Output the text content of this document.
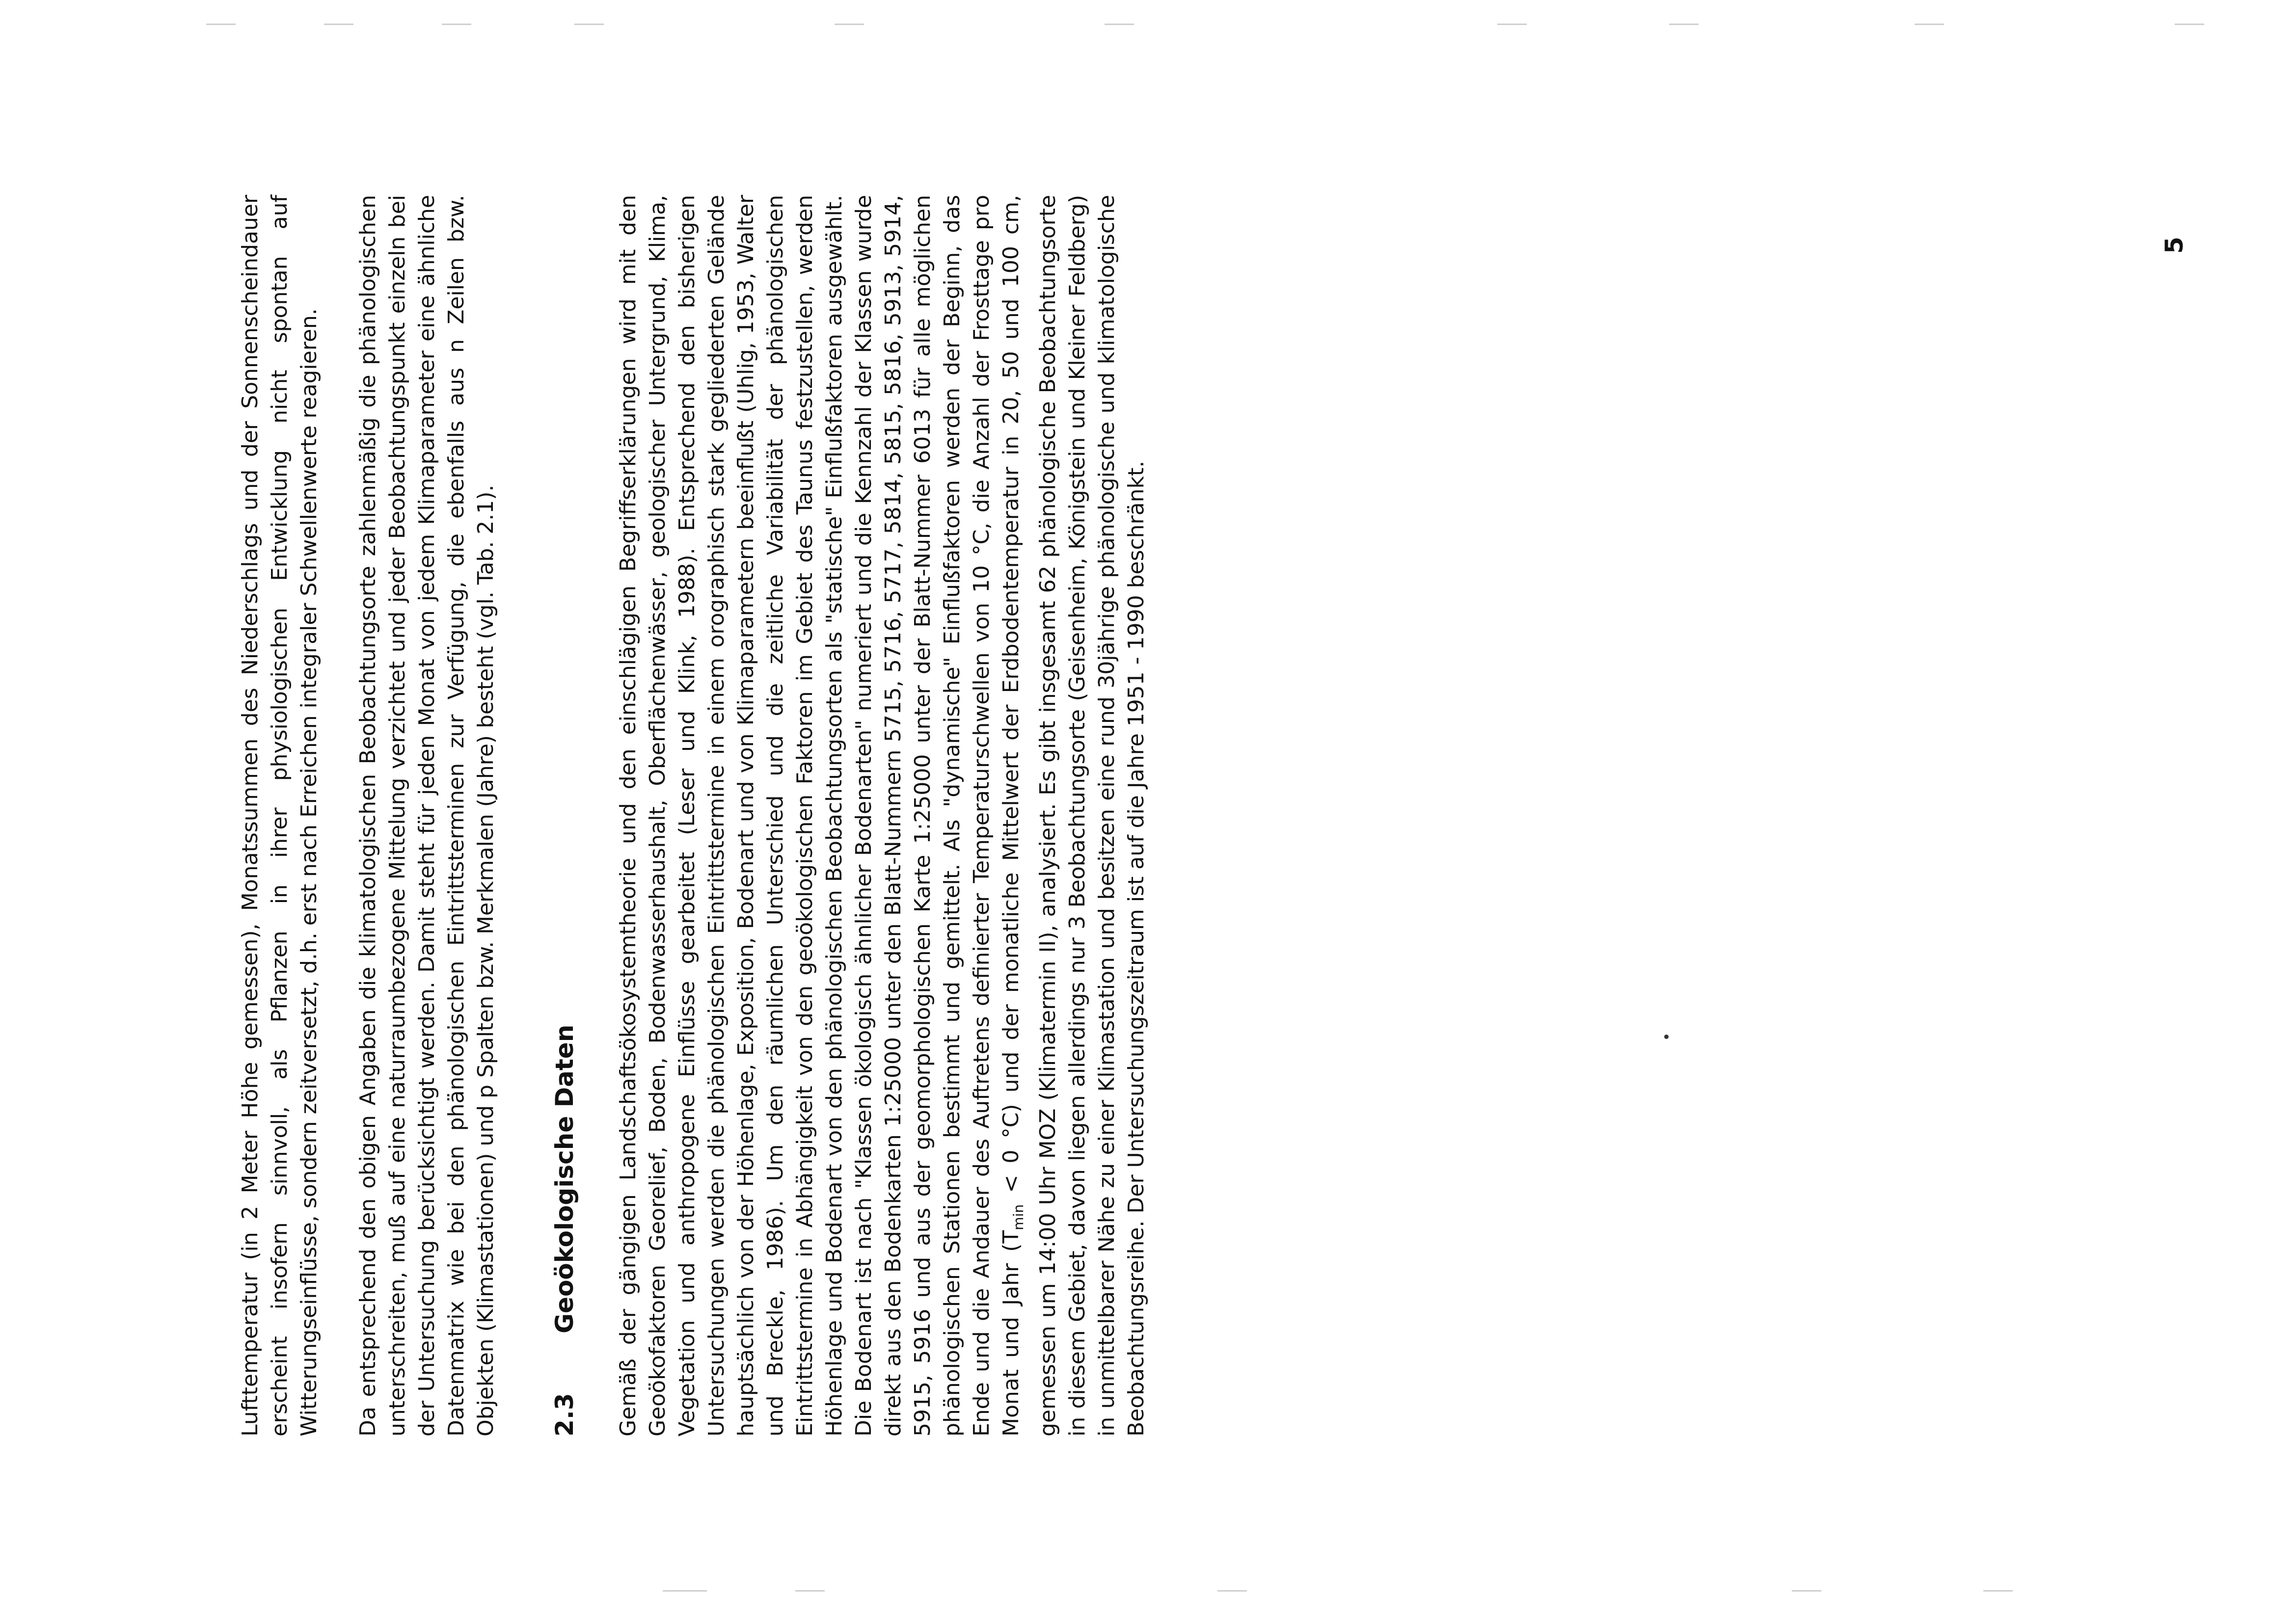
Lufttemperatur (in 2 Meter Höhe gemessen), Monatssummen des Niederschlags und der Sonnenscheindauer erscheint insofern sinnvoll, als Pflanzen in ihrer physiologischen Entwicklung nicht spontan auf Witterungseinflüsse, sondern zeitversetzt, d.h. erst nach Erreichen integraler Schwellenwerte reagieren. Da entsprechend den obigen Angaben die klimatologischen Beobachtungsorte zahlenmäßig die phänologischen unterschreiten, muß auf eine naturraumbezogene Mittelung verzichtet und jeder Beobachtungspunkt einzeln bei der Untersuchung berücksichtigt werden. Damit steht für jeden Monat von jedem Klimaparameter eine ähnliche Datenmatrix wie bei den phänologischen Eintrittsterminen zur Verfügung, die ebenfalls aus n Zeilen bzw. Objekten (Klimastationen) und p Spalten bzw. Merkmalen (Jahre) besteht (vgl. Tab. 2.1). 2.3
Geoökologische Daten Gemäß der gängigen Landschaftsökosystemtheorie und den einschlägigen Begriffserklärungen wird mit den Geoökofaktoren Georelief, Boden, Bodenwasserhaushalt, Oberflächenwässer, geologischer Untergrund, Klima, Vegetation und anthropogene Einflüsse gearbeitet (Leser und Klink, 1988). Entsprechend den bisherigen Untersuchungen werden die phänologischen Eintrittstermine in einem orographisch stark gegliederten Gelände hauptsächlich von der Höhenlage, Exposition, Bodenart und von Klimaparametern beeinflußt (Uhlig, 1953, Walter und Breckle, 1986). Um den räumlichen Unterschied und die zeitliche Variabilität der phänologischen Eintrittstermine in Abhängigkeit von den geoökologischen Faktoren im Gebiet des Taunus festzustellen, werden Höhenlage und Bodenart von den phänologischen Beobachtungsorten als "statische" Einflußfaktoren ausgewählt. Die Bodenart ist nach "Klassen ökologisch ähnlicher Bodenarten" numeriert und die Kennzahl der Klassen wurde direkt aus den Bodenkarten 1:25000 unter den Blatt-Nummern 5715, 5716, 5717, 5814, 5815, 5816, 5913, 5914, 5915, 5916 und aus der geomorphologischen Karte 1:25000 unter der Blatt-Nummer 6013 für alle möglichen phänologischen Stationen bestimmt und gemittelt. Als "dynamische" Einflußfaktoren werden der Beginn, das Ende und die Andauer des Auftretens definierter Temperaturschwellen von 10 °C, die Anzahl der Frosttage pro Monat und Jahr ($T_{min} < 0$ °C) und der monatliche Mittelwert der Erdbodentemperatur in 20, 50 und 100 cm, gemessen um 14:00 Uhr MOZ (Klimatermin II), analysiert. Es gibt insgesamt 62 phänologische Beobachtungsorte in diesem Gebiet, davon liegen allerdings nur 3 Beobachtungsorte (Geisenheim, Königstein und Kleiner Feldberg) in unmittelbarer Nähe zu einer Klimastation und besitzen eine rund 30jährige phänologische und klimatologische Beobachtungsreihe. Der Untersuchungszeitraum ist auf die Jahre 1951 - 1990 beschränkt.

5
